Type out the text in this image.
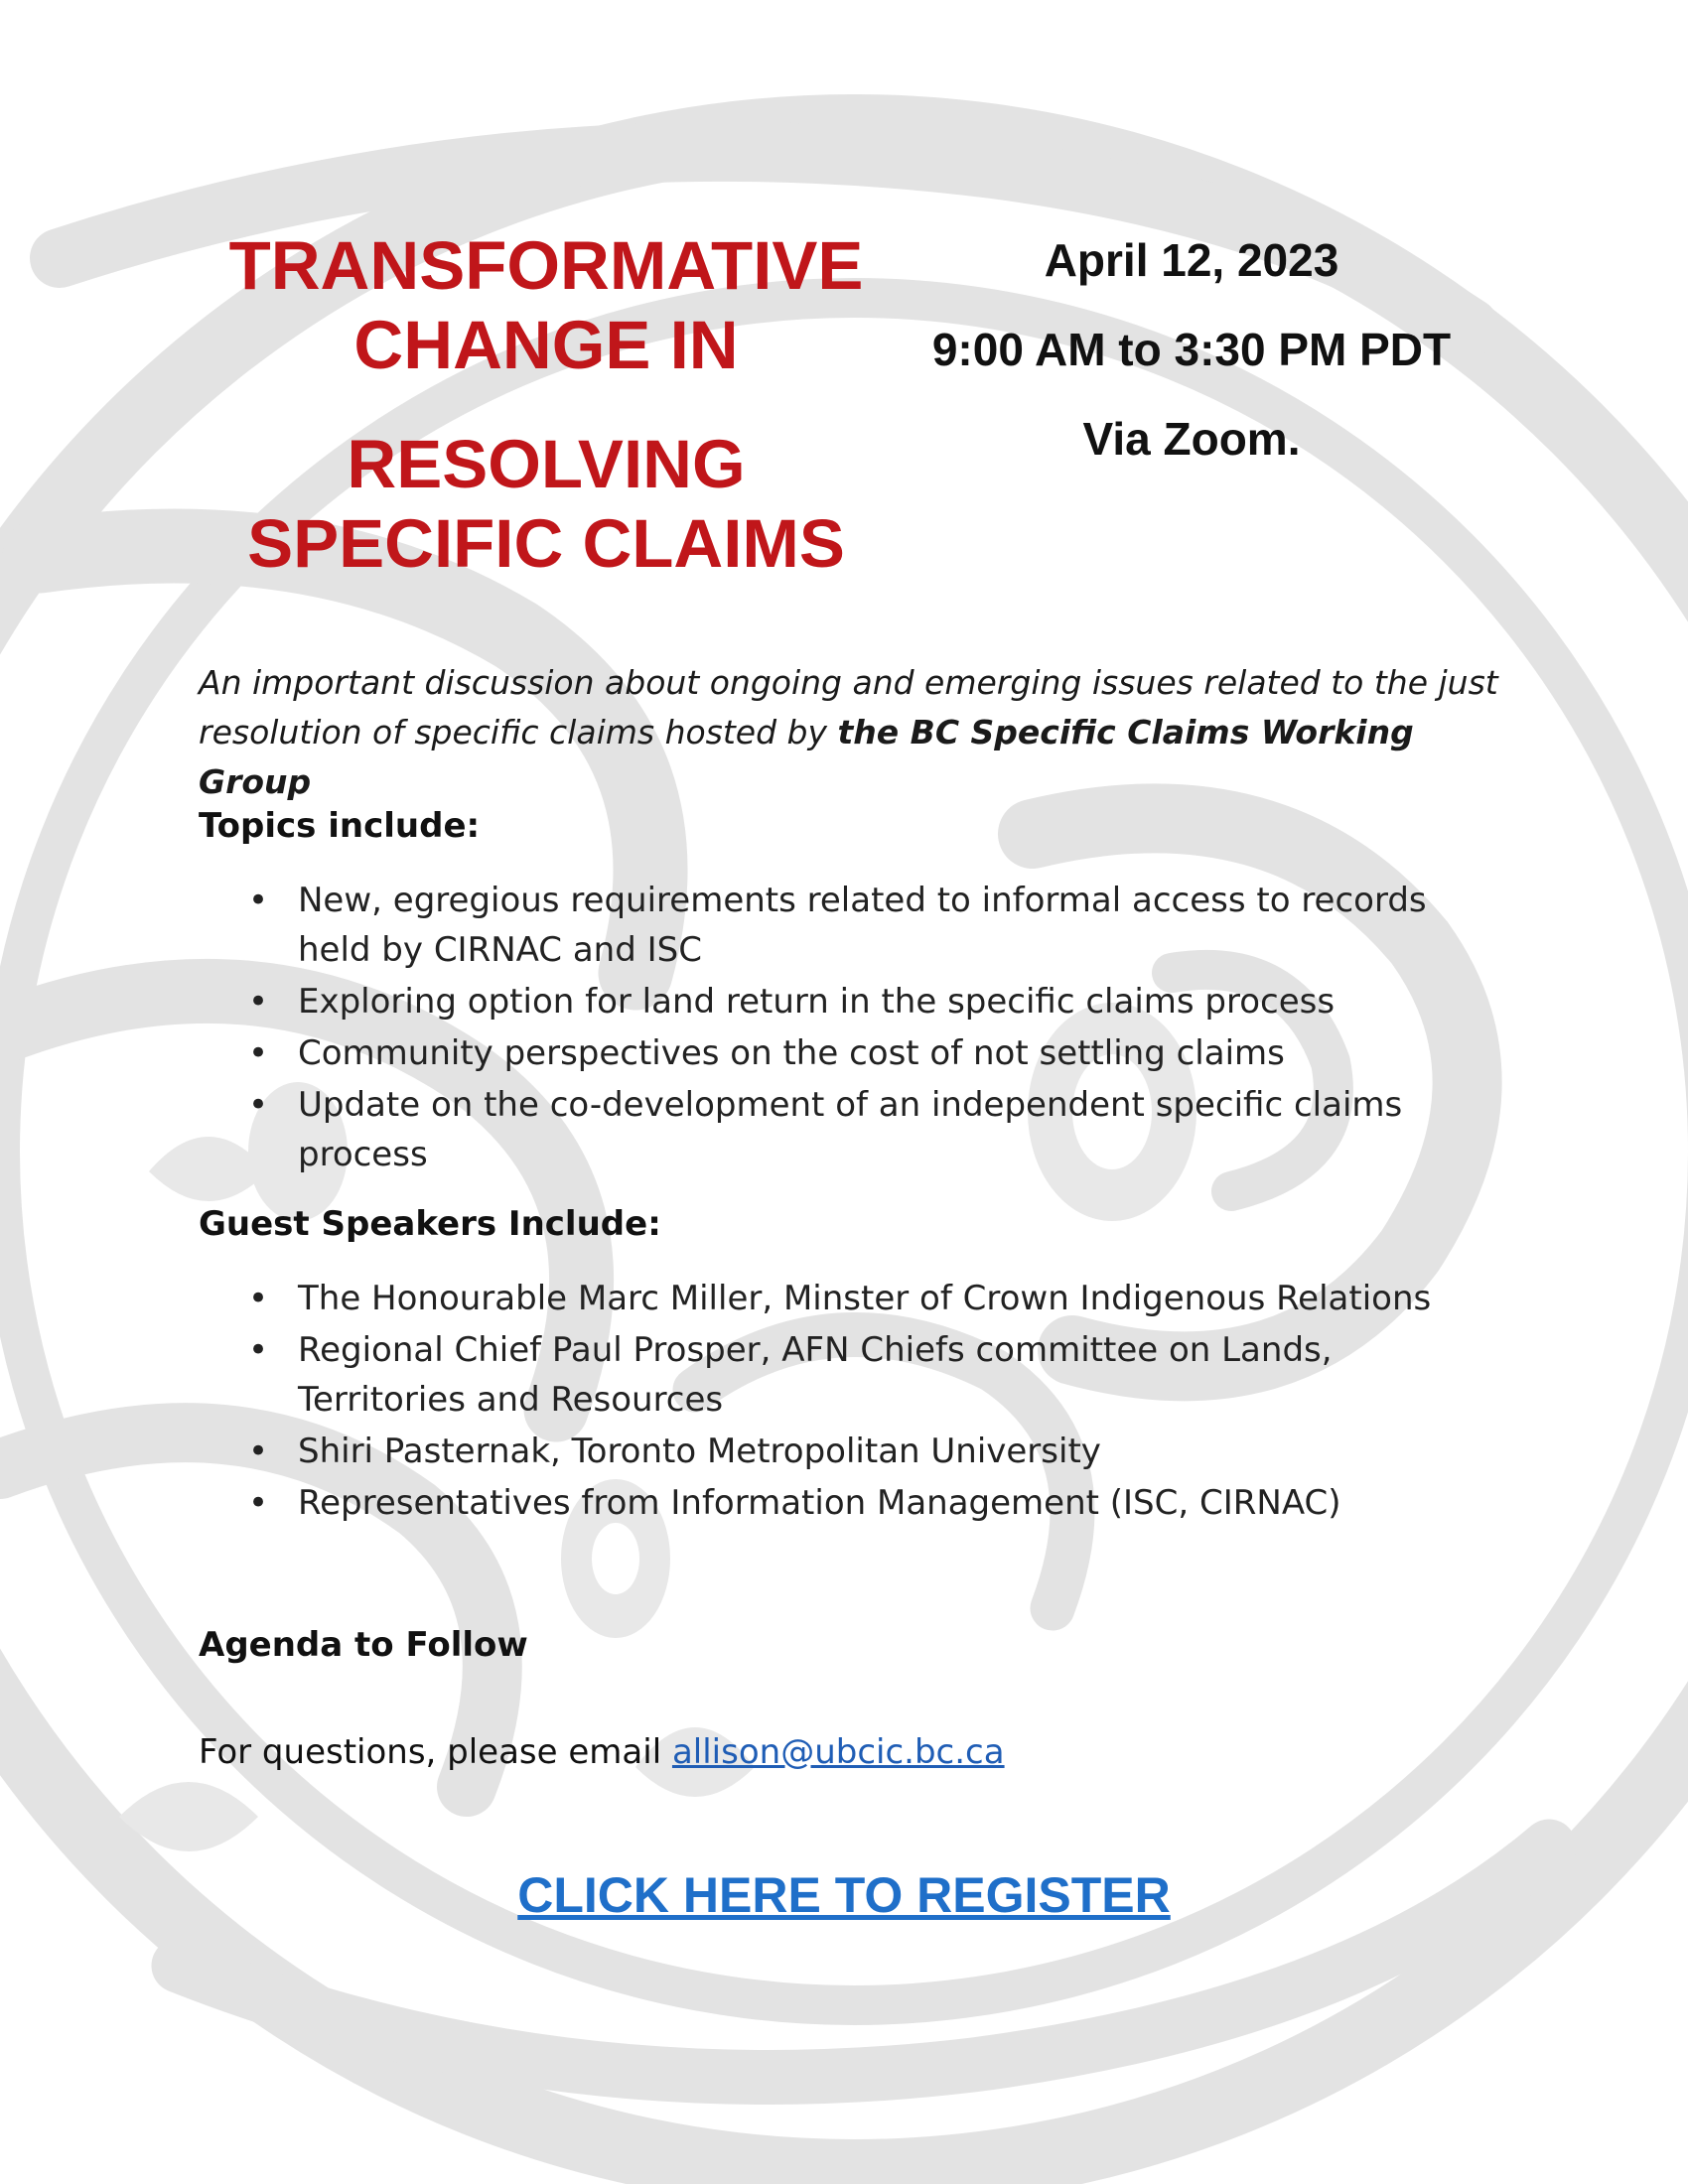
TRANSFORMATIVE
CHANGE IN
RESOLVING
SPECIFIC CLAIMS
April 12, 2023
9:00 AM to 3:30 PM PDT
Via Zoom.

An important discussion about ongoing and emerging issues related to the just resolution of specific claims hosted by the BC Specific Claims Working Group

Topics include:
• New, egregious requirements related to informal access to records held by CIRNAC and ISC
• Exploring option for land return in the specific claims process
• Community perspectives on the cost of not settling claims
• Update on the co-development of an independent specific claims process
Guest Speakers Include:
• The Honourable Marc Miller, Minster of Crown Indigenous Relations
• Regional Chief Paul Prosper, AFN Chiefs committee on Lands, Territories and Resources
• Shiri Pasternak, Toronto Metropolitan University
• Representatives from Information Management (ISC, CIRNAC)
Agenda to Follow
For questions, please email allison@ubcic.bc.ca
CLICK HERE TO REGISTER
